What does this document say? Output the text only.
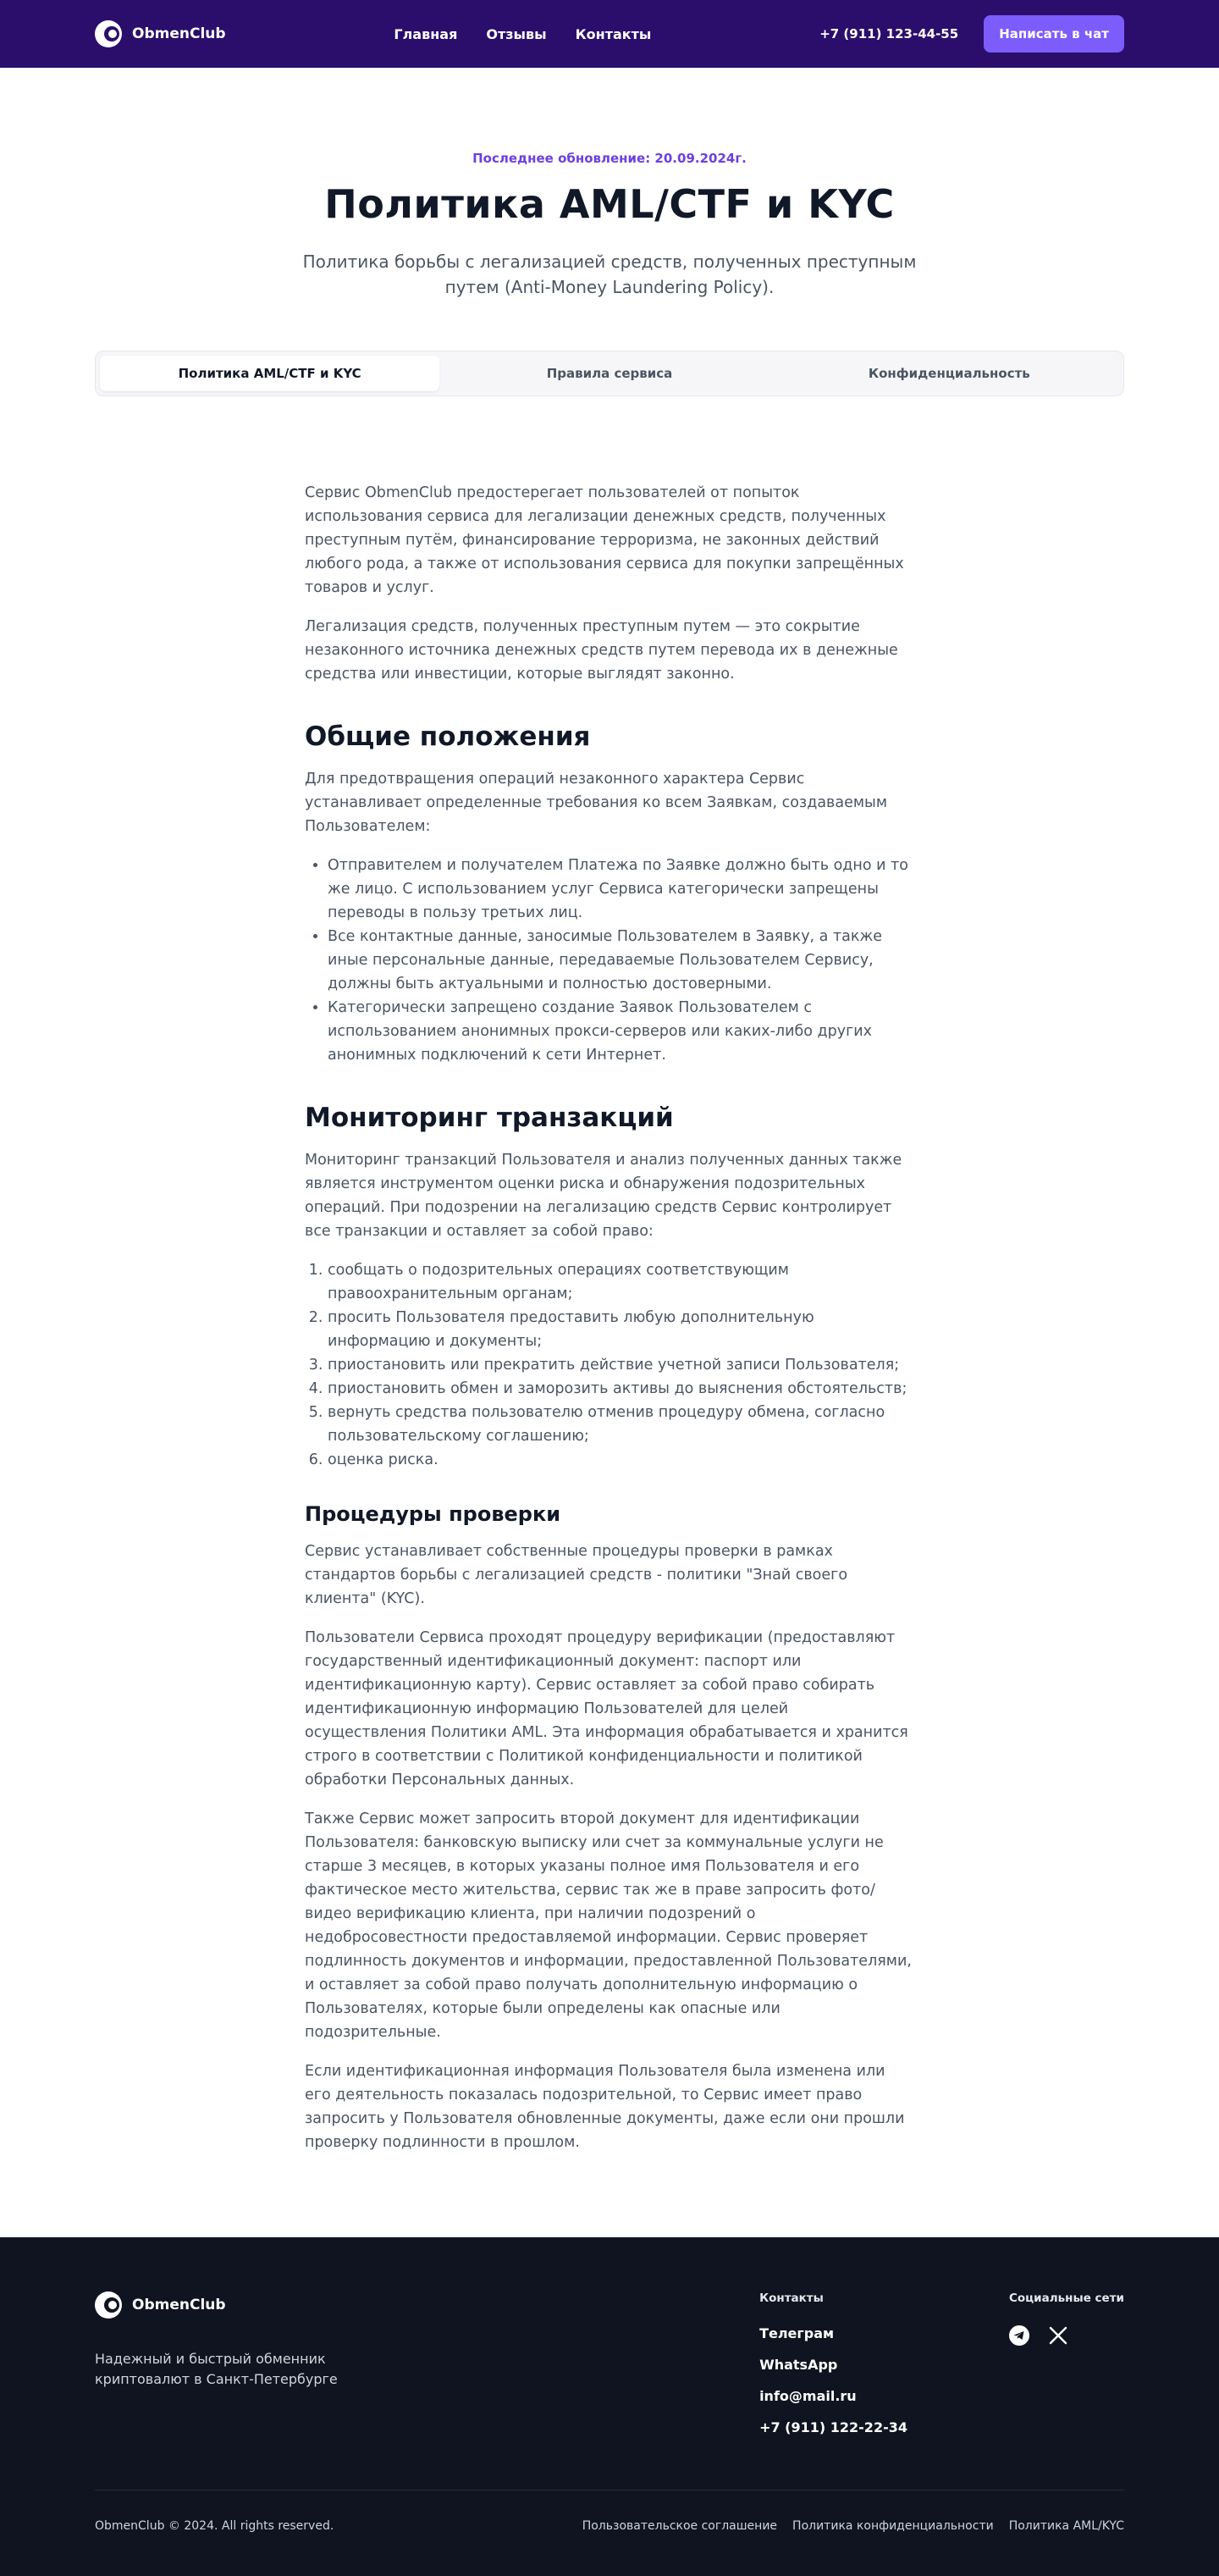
ObmenClub	Главная Отзывы Контакты	+7 (911) 123-44-55	Написать в чат
Последнее обновление: 20.09.2024г.
Политика AML/CTF и KYC

Политика борьбы с легализацией средств, полученных преступным путем (Anti-Money Laundering Policy).

Политика AML/CTF и KYC	Правила сервиса	Конфиденциальность

Сервис ObmenClub предостерегает пользователей от попыток использования сервиса для легализации денежных средств, полученных преступным путём, финансирование терроризма, не законных действий любого рода, а также от использования сервиса для покупки запрещённых товаров и услуг.

Легализация средств, полученных преступным путем — это сокрытие незаконного источника денежных средств путем перевода их в денежные средства или инвестиции, которые выглядят законно.

Общие положения

Для предотвращения операций незаконного характера Сервис устанавливает определенные требования ко всем Заявкам, создаваемым Пользователем:

• Отправителем и получателем Платежа по Заявке должно быть одно и то же лицо. С использованием услуг Сервиса категорически запрещены переводы в пользу третьих лиц.
• Все контактные данные, заносимые Пользователем в Заявку, а также иные персональные данные, передаваемые Пользователем Сервису, должны быть актуальными и полностью достоверными.
• Категорически запрещено создание Заявок Пользователем с использованием анонимных прокси-серверов или каких-либо других анонимных подключений к сети Интернет.
Мониторинг транзакций

Мониторинг транзакций Пользователя и анализ полученных данных также является инструментом оценки риска и обнаружения подозрительных операций. При подозрении на легализацию средств Сервис контролирует все транзакции и оставляет за собой право:

1. сообщать о подозрительных операциях соответствующим правоохранительным органам;
2. просить Пользователя предоставить любую дополнительную информацию и документы;
3. приостановить или прекратить действие учетной записи Пользователя;
4. приостановить обмен и заморозить активы до выяснения обстоятельств;
5. вернуть средства пользователю отменив процедуру обмена, согласно пользовательскому соглашению;
6. оценка риска.
Процедуры проверки

Сервис устанавливает собственные процедуры проверки в рамках стандартов борьбы с легализацией средств - политики "Знай своего клиента" (KYC).

Пользователи Сервиса проходят процедуру верификации (предоставляют государственный идентификационный документ: паспорт или идентификационную карту). Сервис оставляет за собой право собирать идентификационную информацию Пользователей для целей осуществления Политики AML. Эта информация обрабатывается и хранится строго в соответствии с Политикой конфиденциальности и политикой обработки Персональных данных.

Также Сервис может запросить второй документ для идентификации Пользователя: банковскую выписку или счет за коммунальные услуги не старше 3 месяцев, в которых указаны полное имя Пользователя и его фактическое место жительства, сервис так же в праве запросить фото/видео верификацию клиента, при наличии подозрений о недобросовестности предоставляемой информации. Сервис проверяет подлинность документов и информации, предоставленной Пользователями, и оставляет за собой право получать дополнительную информацию о Пользователях, которые были определены как опасные или подозрительные.

Если идентификационная информация Пользователя была изменена или его деятельность показалась подозрительной, то Сервис имеет право запросить у Пользователя обновленные документы, даже если они прошли проверку подлинности в прошлом.

ObmenClub

Надежный и быстрый обменник криптовалют в Санкт-Петербурге

Контакты
Телеграм
WhatsApp
info@mail.ru
+7 (911) 122-22-34
Социальные сети
ObmenClub © 2024. All rights reserved.	Пользовательское соглашение Политика конфиденциальности Политика AML/KYC
